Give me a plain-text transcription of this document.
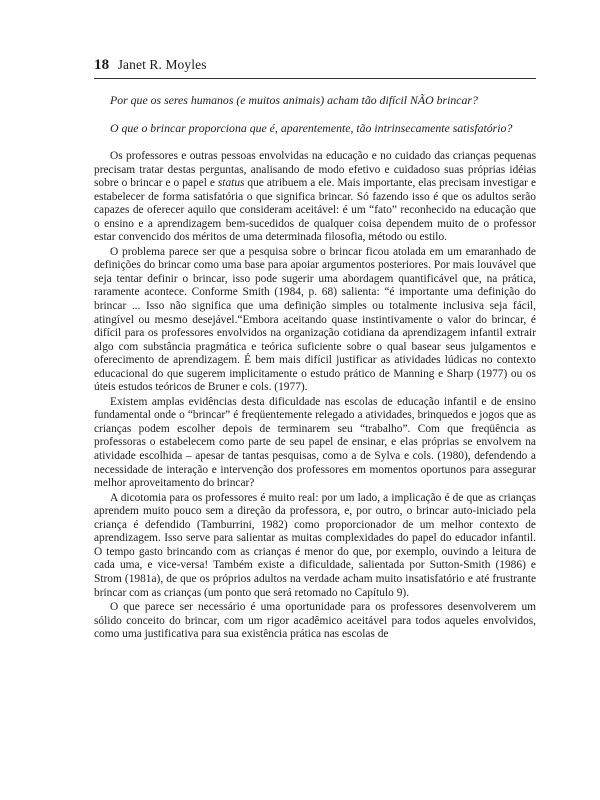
18 Janet R. Moyles

Por que os seres humanos (e muitos animais) acham tão difícil NÃO brincar?

O que o brincar proporciona que é, aparentemente, tão intrinsecamente satisfatório?

Os professores e outras pessoas envolvidas na educação e no cuidado das crianças pequenas precisam tratar destas perguntas, analisando de modo efetivo e cuidadoso suas próprias idéias sobre o brincar e o papel e status que atribuem a ele. Mais importante, elas precisam investigar e estabelecer de forma satisfatória o que significa brincar. Só fazendo isso é que os adultos serão capazes de oferecer aquilo que consideram aceitável: é um “fato” reconhecido na educação que o ensino e a aprendizagem bem-sucedidos de qualquer coisa dependem muito de o professor estar convencido dos méritos de uma determinada filosofia, método ou estilo.

O problema parece ser que a pesquisa sobre o brincar ficou atolada em um emaranhado de definições do brincar como uma base para apoiar argumentos posteriores. Por mais louvável que seja tentar definir o brincar, isso pode sugerir uma abordagem quantificável que, na prática, raramente acontece. Conforme Smith (1984, p. 68) salienta: “é importante uma definição do brincar ... Isso não significa que uma definição simples ou totalmente inclusiva seja fácil, atingível ou mesmo desejável.“Embora aceitando quase instintivamente o valor do brincar, é difícil para os professores envolvidos na organização cotidiana da aprendizagem infantil extrair algo com substância pragmática e teórica suficiente sobre o qual basear seus julgamentos e oferecimento de aprendizagem. É bem mais difícil justificar as atividades lúdicas no contexto educacional do que sugerem implicitamente o estudo prático de Manning e Sharp (1977) ou os úteis estudos teóricos de Bruner e cols. (1977).

Existem amplas evidências desta dificuldade nas escolas de educação infantil e de ensino fundamental onde o “brincar” é freqüentemente relegado a atividades, brinquedos e jogos que as crianças podem escolher depois de terminarem seu “trabalho”. Com que freqüência as professoras o estabelecem como parte de seu papel de ensinar, e elas próprias se envolvem na atividade escolhida – apesar de tantas pesquisas, como a de Sylva e cols. (1980), defendendo a necessidade de interação e intervenção dos professores em momentos oportunos para assegurar melhor aproveitamento do brincar?

A dicotomia para os professores é muito real: por um lado, a implicação é de que as crianças aprendem muito pouco sem a direção da professora, e, por outro, o brincar auto-iniciado pela criança é defendido (Tamburrini, 1982) como proporcionador de um melhor contexto de aprendizagem. Isso serve para salientar as muitas complexidades do papel do educador infantil. O tempo gasto brincando com as crianças é menor do que, por exemplo, ouvindo a leitura de cada uma, e vice-versa! Também existe a dificuldade, salientada por Sutton-Smith (1986) e Strom (1981a), de que os próprios adultos na verdade acham muito insatisfatório e até frustrante brincar com as crianças (um ponto que será retomado no Capítulo 9).

O que parece ser necessário é uma oportunidade para os professores desenvolverem um sólido conceito do brincar, com um rigor acadêmico aceitável para todos aqueles envolvidos, como uma justificativa para sua existência prática nas escolas de
